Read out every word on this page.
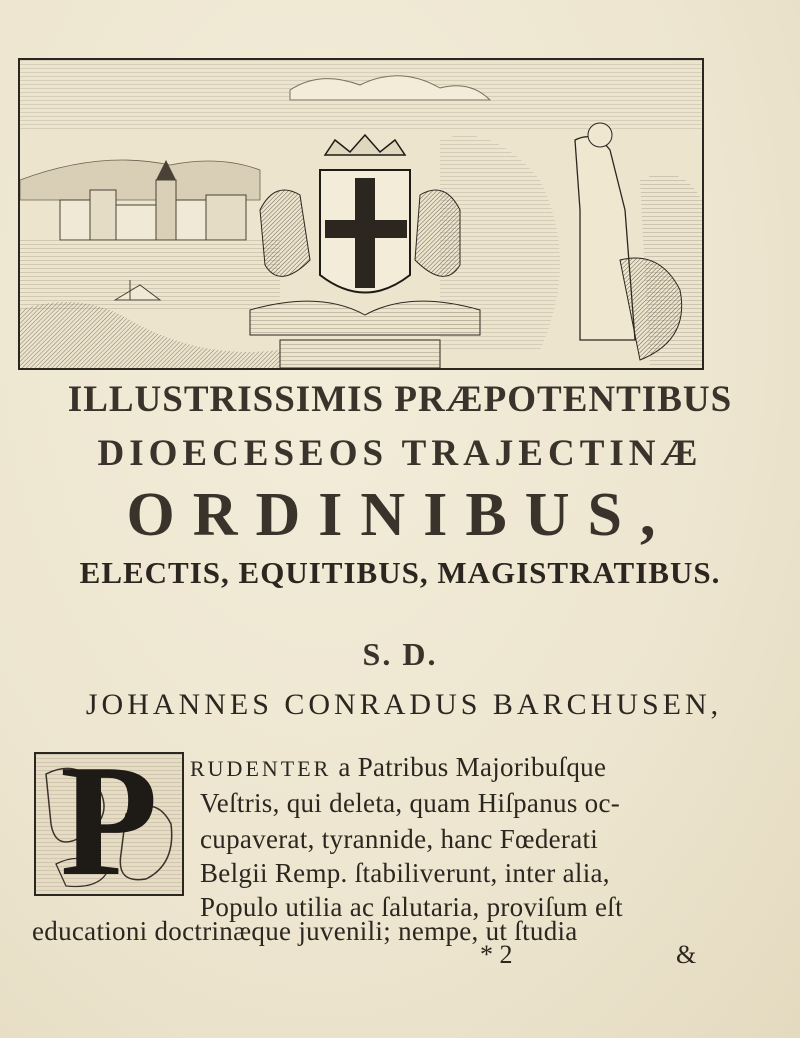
ILLUSTRISSIMIS PRÆPOTENTIBUS
DIOECESEOS TRAJECTINÆ
ORDINIBUS,
ELECTIS, EQUITIBUS, MAGISTRATIBUS.
S. D.
JOHANNES CONRADUS BARCHUSEN,
P	RUDENTER a Patribus Majoribuſque
Veſtris, qui deleta, quam Hiſpanus oc-
cupaverat, tyrannide, hanc Fœderati
Belgii Remp. ſtabiliverunt, inter alia,
Populo utilia ac ſalutaria, proviſum eſt
educationi doctrinæque juvenili; nempe, ut ſtudia
* 2	&
